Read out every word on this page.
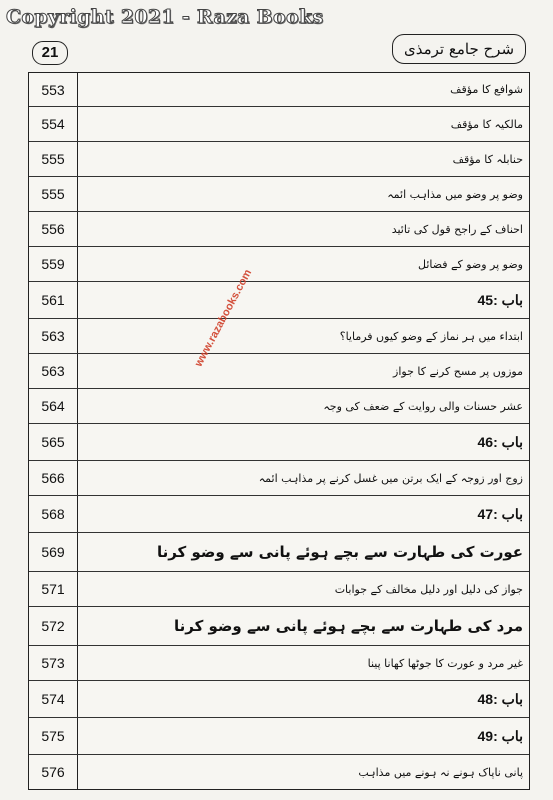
Copyright 2021 - Raza Books
21	شرح جامع ترمذی
553	شوافع کا مؤقف
554	مالکیہ کا مؤقف
555	حنابلہ کا مؤقف
555	وضو پر وضو میں مذاہب ائمہ
556	احناف کے راجح قول کی تائید
559	وضو پر وضو کے فضائل
561	باب :45
563	ابتداء میں ہر نماز کے وضو کیوں فرمایا؟
563	موزوں پر مسح کرنے کا جواز
564	عشر حسنات والی روایت کے ضعف کی وجہ
565	باب :46
566	زوج اور زوجہ کے ایک برتن میں غسل کرنے پر مذاہب ائمہ
568	باب :47
569	عورت کی طہارت سے بچے ہوئے پانی سے وضو کرنا
571	جواز کی دلیل اور دلیل مخالف کے جوابات
572	مرد کی طہارت سے بچے ہوئے پانی سے وضو کرنا
573	غیر مرد و عورت کا جوٹھا کھانا پینا
574	باب :48
575	باب :49
576	پانی ناپاک ہونے نہ ہونے میں مذاہب
www.razabooks.com
